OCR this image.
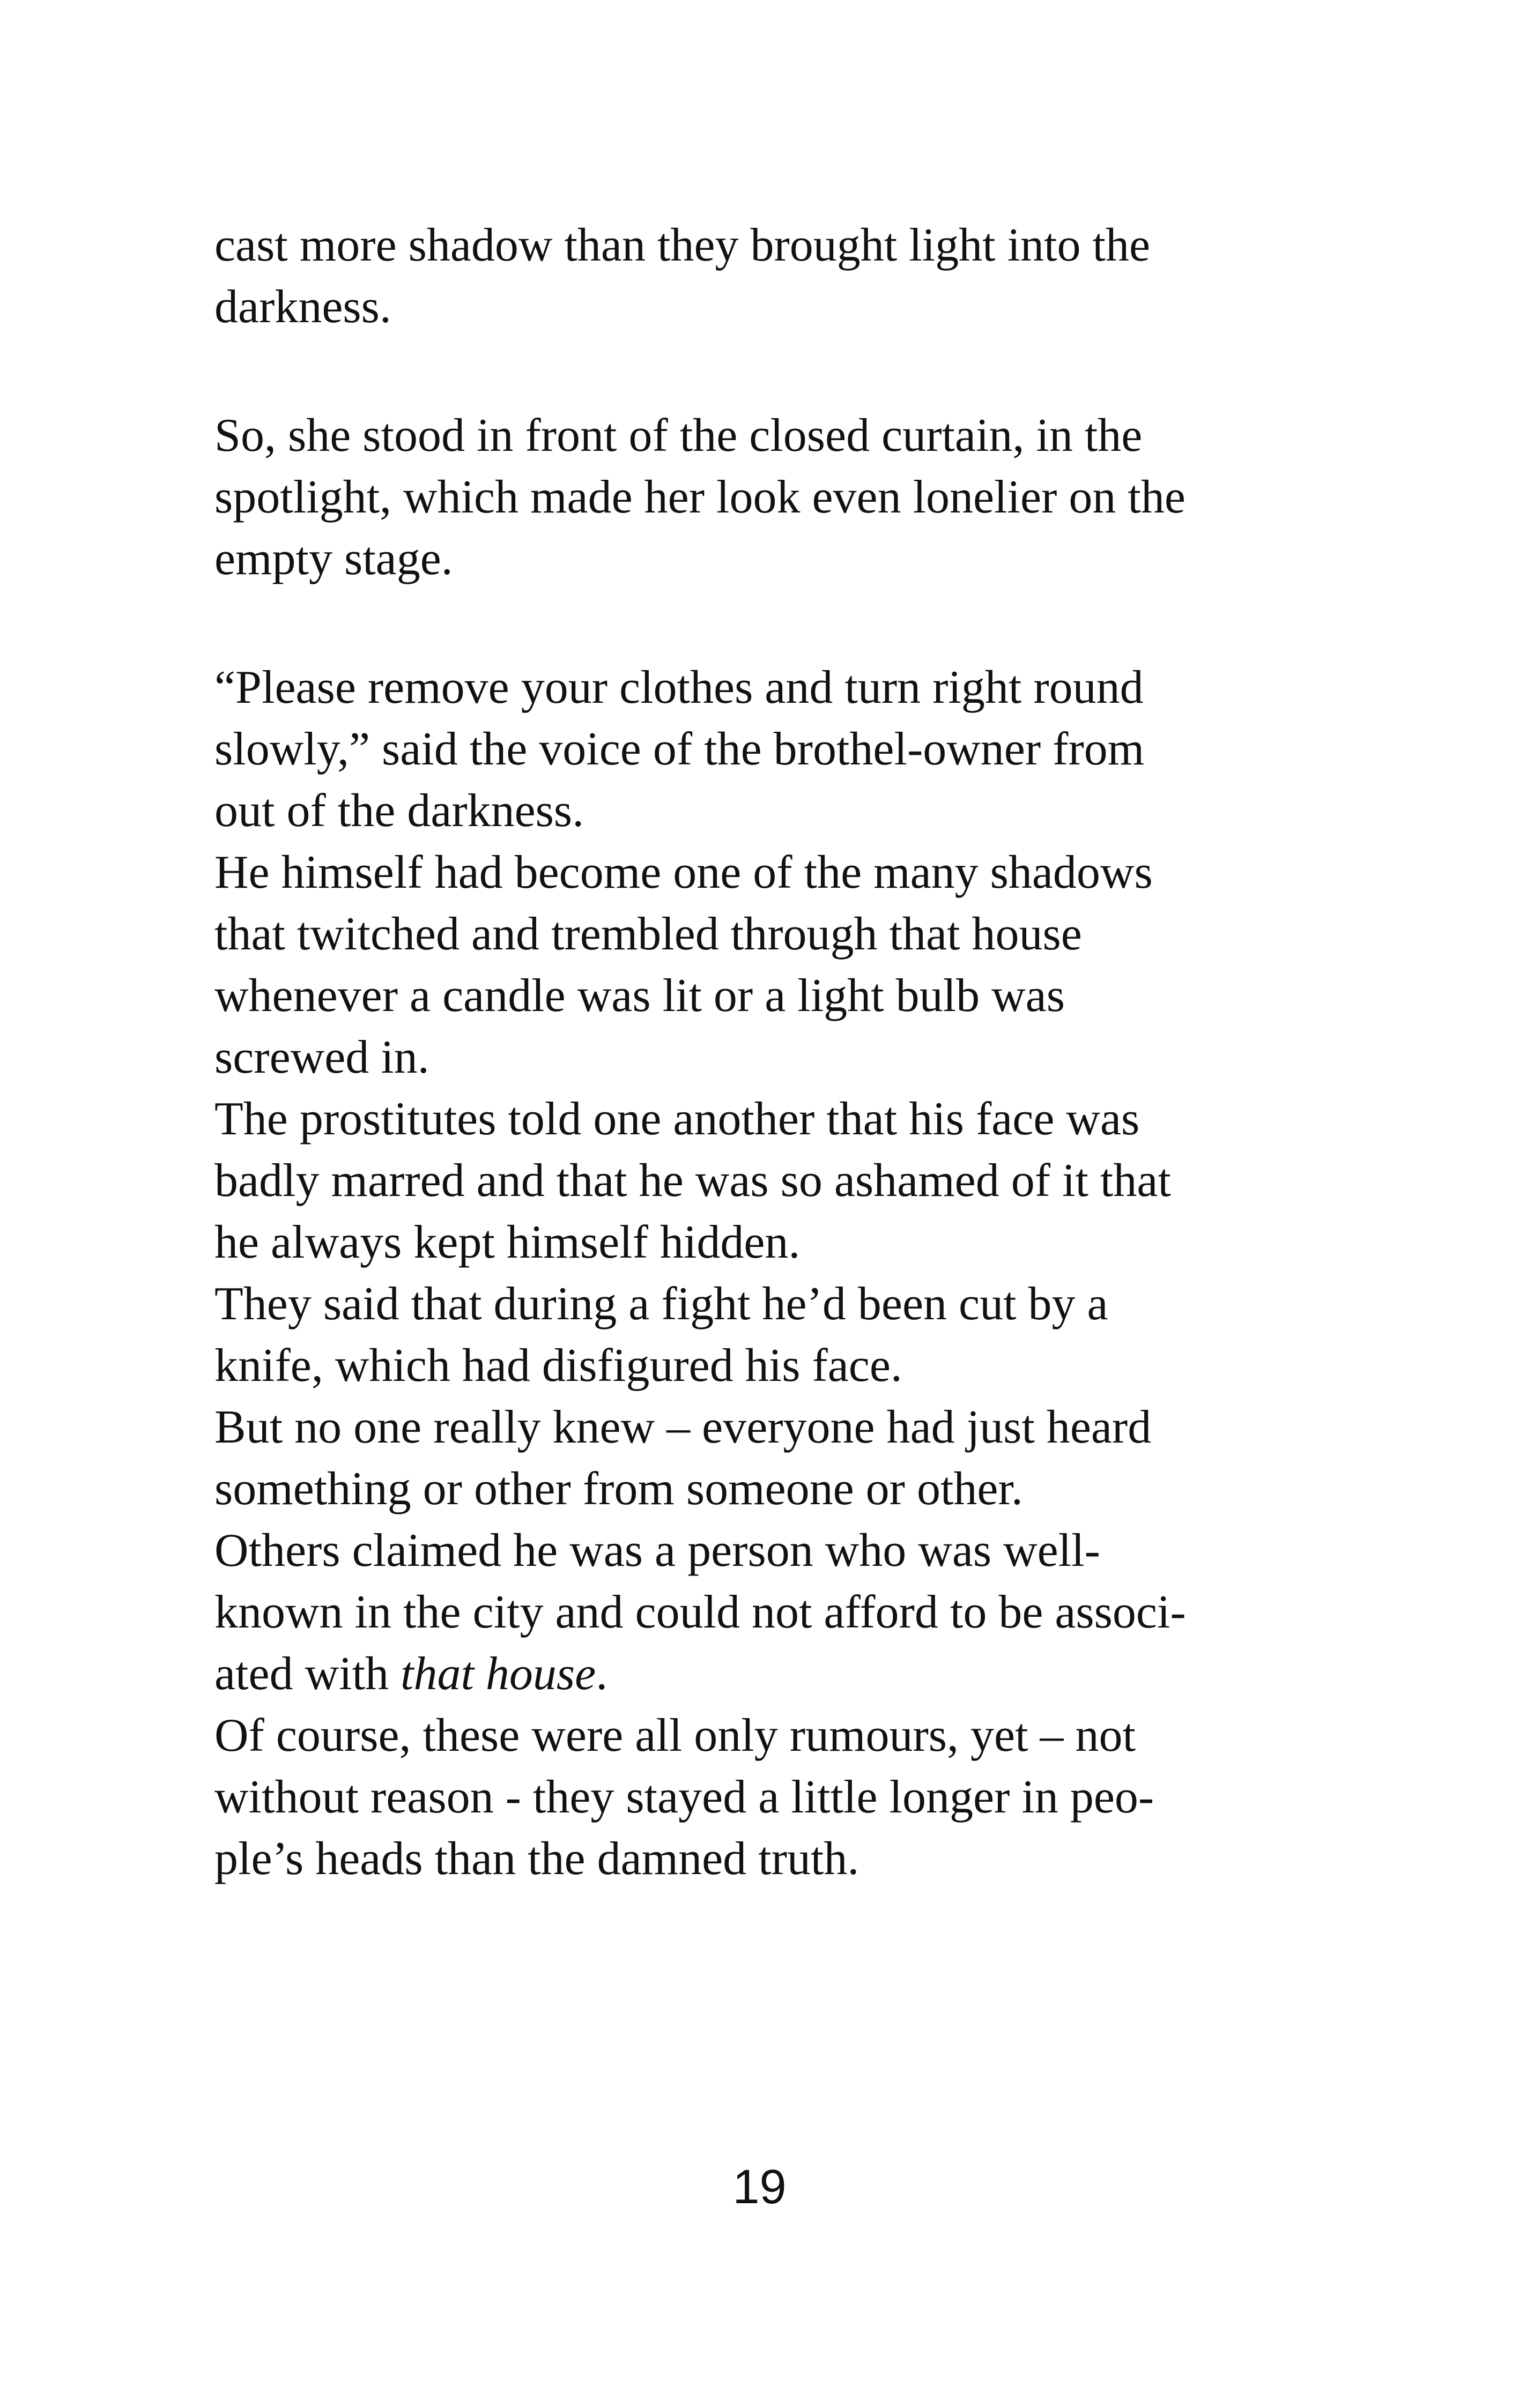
cast more shadow than they brought light into the
darkness.
So, she stood in front of the closed curtain, in the
spotlight, which made her look even lonelier on the
empty stage.
“Please remove your clothes and turn right round
slowly,” said the voice of the brothel-owner from
out of the darkness.
He himself had become one of the many shadows
that twitched and trembled through that house
whenever a candle was lit or a light bulb was
screwed in.
The prostitutes told one another that his face was
badly marred and that he was so ashamed of it that
he always kept himself hidden.
They said that during a fight he’d been cut by a
knife, which had disfigured his face.
But no one really knew – everyone had just heard
something or other from someone or other.
Others claimed he was a person who was well-
known in the city and could not afford to be associ-
ated with that house.
Of course, these were all only rumours, yet – not
without reason - they stayed a little longer in peo-
ple’s heads than the damned truth.
19
